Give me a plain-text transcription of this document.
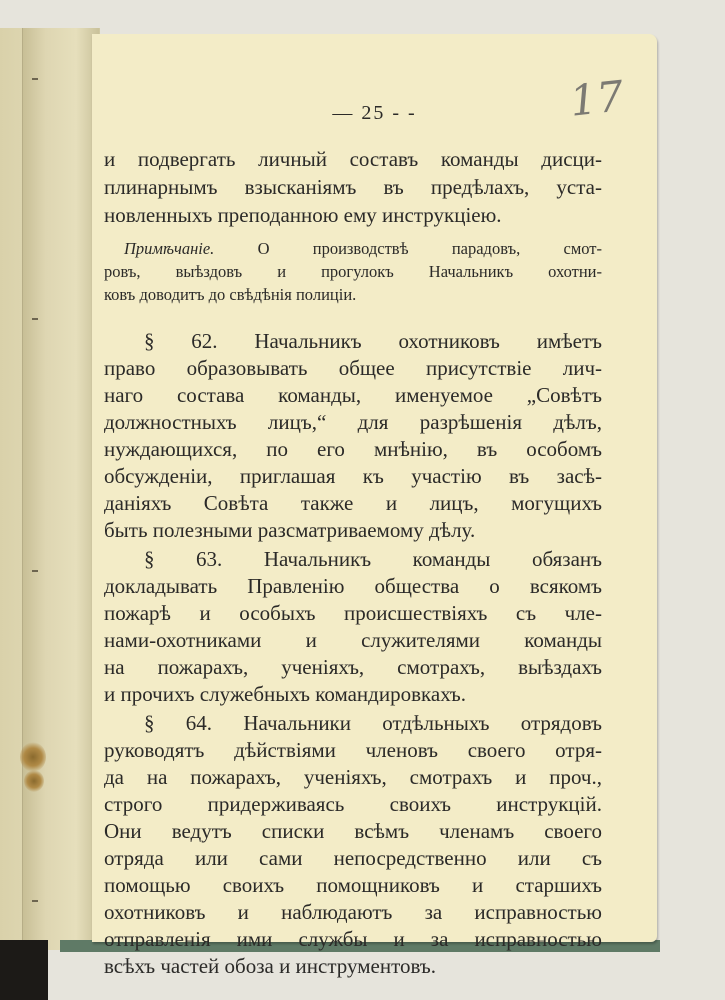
— 25 - -	17
и подвергать личный составъ команды дисци-
плинарнымъ взысканіямъ въ предѣлахъ, уста-
новленныхъ преподанною ему инструкціею.
Примѣчаніе.	О производствѣ парадовъ, смот-
ровъ, выѣздовъ и прогулокъ Начальникъ охотни-
ковъ доводитъ до свѣдѣнія полиціи.
§ 62. Начальникъ охотниковъ имѣетъ
право образовывать общее присутствіе лич-
наго состава команды, именуемое „Совѣтъ
должностныхъ лицъ,“ для разрѣшенія дѣлъ,
нуждающихся, по его мнѣнію, въ особомъ
обсужденіи, приглашая къ участію въ засѣ-
даніяхъ Совѣта также и лицъ, могущихъ
быть полезными разсматриваемому дѣлу.
§ 63. Начальникъ команды обязанъ
докладывать Правленію общества о всякомъ
пожарѣ и особыхъ происшествіяхъ съ чле-
нами-охотниками и служителями команды
на пожарахъ, ученіяхъ, смотрахъ, выѣздахъ
и прочихъ служебныхъ командировкахъ.
§ 64. Начальники отдѣльныхъ отрядовъ
руководятъ дѣйствіями членовъ своего отря-
да на пожарахъ, ученіяхъ, смотрахъ и проч.,
строго придерживаясь своихъ инструкцій.
Они ведутъ списки всѣмъ членамъ своего
отряда или сами непосредственно или съ
помощью своихъ помощниковъ и старшихъ
охотниковъ и наблюдаютъ за исправностью
отправленія ими службы и за исправностью
всѣхъ частей обоза и инструментовъ.
